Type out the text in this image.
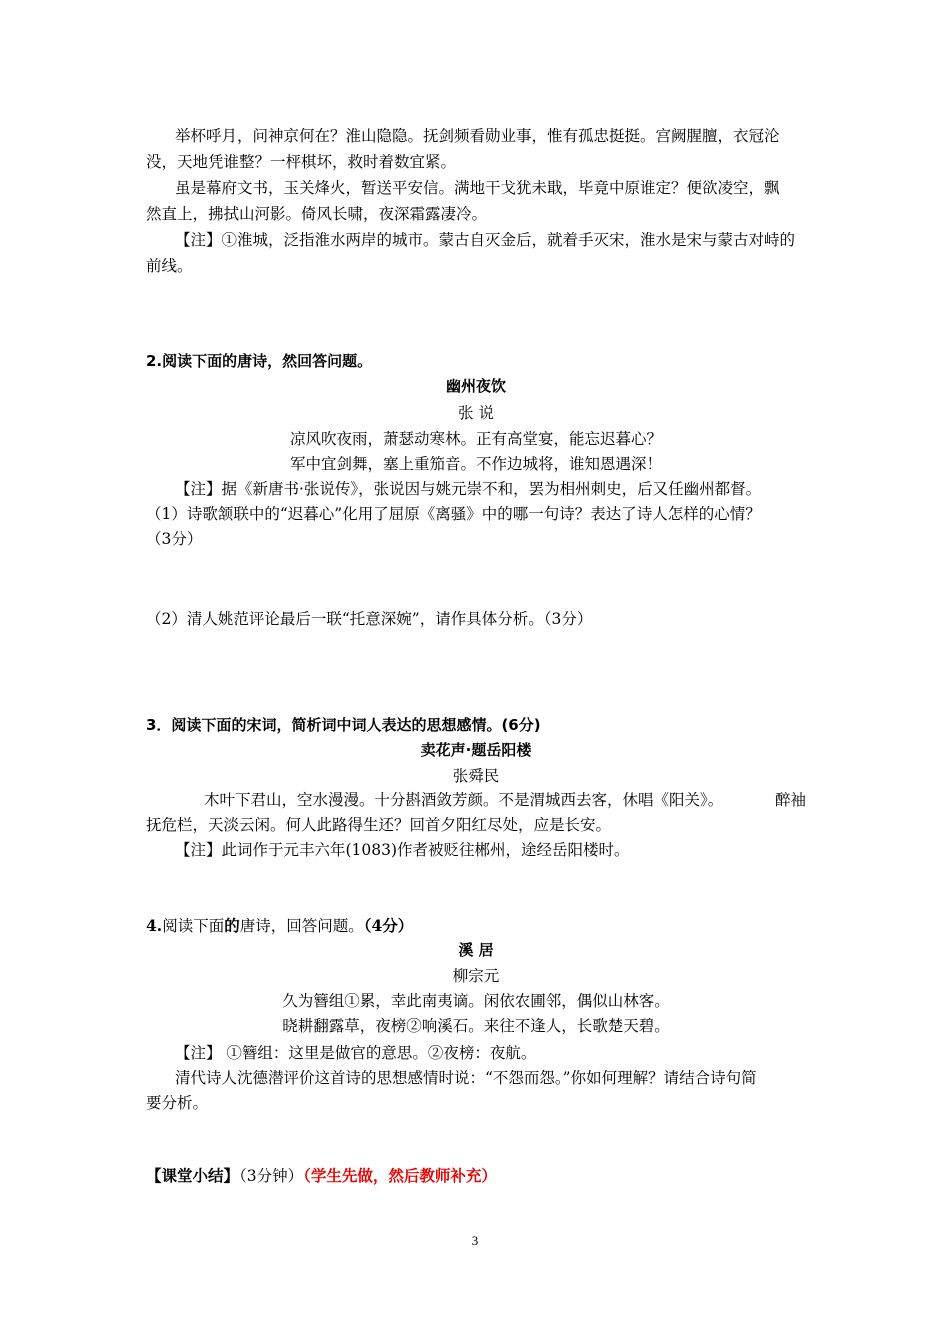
举杯呼月，问神京何在？淮山隐隐。抚剑频看勋业事，惟有孤忠挺挺。宫阙腥膻，衣冠沦
没，天地凭谁整？一枰棋坏，救时着数宜紧。
虽是幕府文书，玉关烽火，暂送平安信。满地干戈犹未戢，毕竟中原谁定？便欲凌空，飘
然直上，拂拭山河影。倚风长啸，夜深霜露凄冷。
【注】①淮城，泛指淮水两岸的城市。蒙古自灭金后，就着手灭宋，淮水是宋与蒙古对峙的
前线。
2.阅读下面的唐诗，然回答问题。
幽州夜饮
张 说
凉风吹夜雨，萧瑟动寒林。正有高堂宴，能忘迟暮心？
军中宜剑舞，塞上重笳音。不作边城将，谁知恩遇深！
【注】据《新唐书·张说传》，张说因与姚元崇不和，罢为相州刺史，后又任幽州都督。
（1）诗歌颔联中的“迟暮心”化用了屈原《离骚》中的哪一句诗？表达了诗人怎样的心情？
（3分）
（2）清人姚范评论最后一联“托意深婉”，请作具体分析。（3分）
3．阅读下面的宋词，简析词中词人表达的思想感情。(6分)
卖花声·题岳阳楼
张舜民
木叶下君山，空水漫漫。十分斟酒敛芳颜。不是渭城西去客，休唱《阳关》。	醉袖
抚危栏，天淡云闲。何人此路得生还？回首夕阳红尽处，应是长安。
【注】此词作于元丰六年(1083)作者被贬往郴州，途经岳阳楼时。
4.阅读下面的唐诗，回答问题。（4分）
溪 居
柳宗元
久为簪组①累，幸此南夷谪。闲依农圃邻，偶似山林客。
晓耕翻露草，夜榜②响溪石。来往不逢人，长歌楚天碧。
【注】 ①簪组：这里是做官的意思。②夜榜：夜航。
清代诗人沈德潜评价这首诗的思想感情时说：“不怨而怨。”你如何理解？请结合诗句简
要分析。
【课堂小结】（3分钟）（学生先做，然后教师补充）
3
